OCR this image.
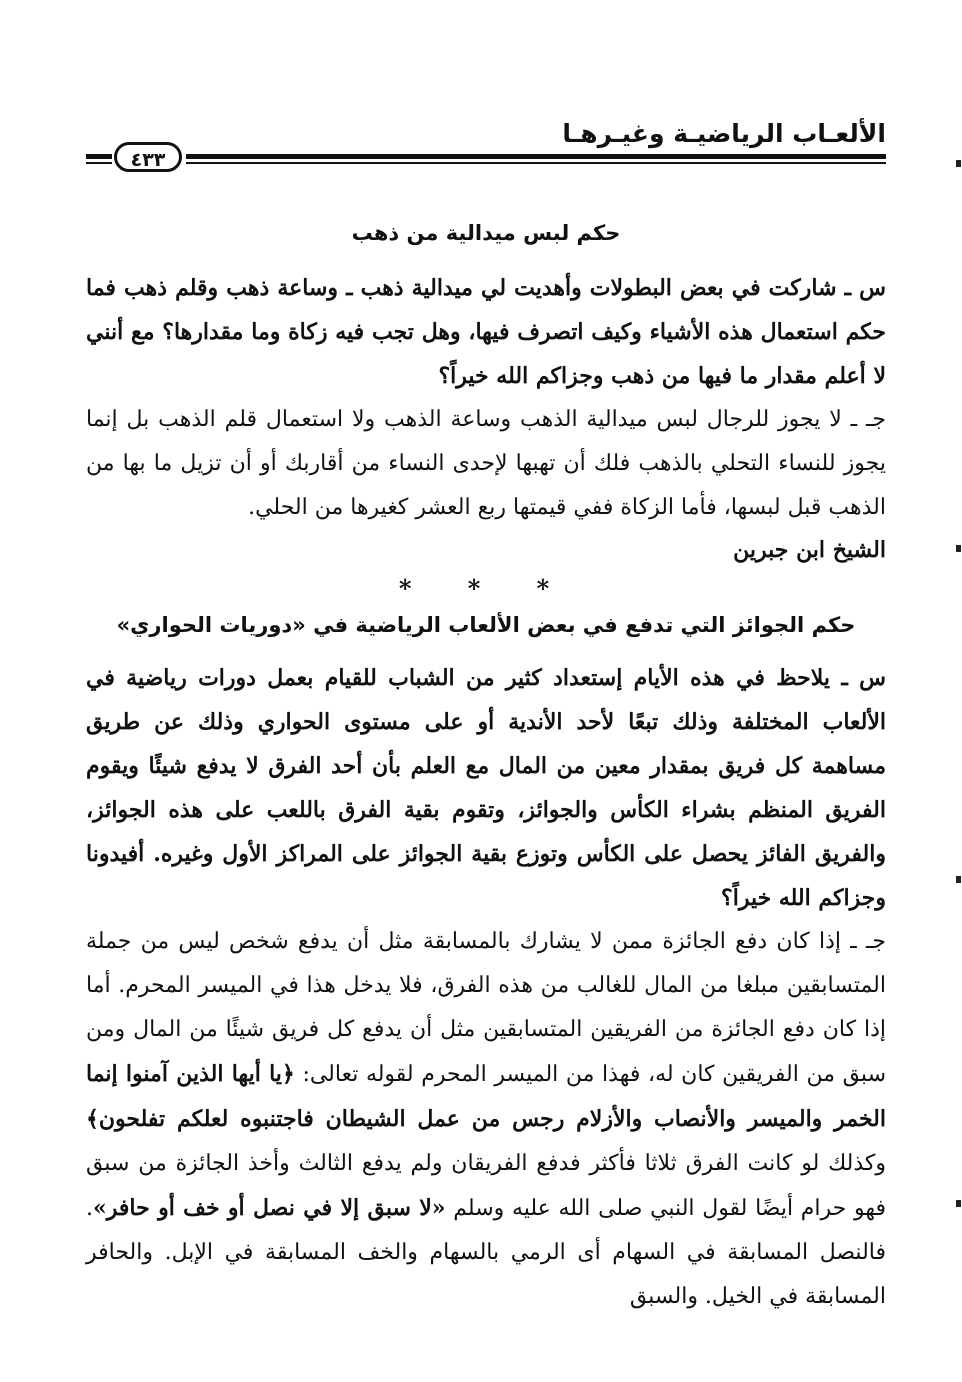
الألعـاب الرياضيـة وغيـرهـا
٤٣٣
حكم لبس ميدالية من ذهب

س ـ شاركت في بعض البطولات وأهديت لي ميدالية ذهب ـ وساعة ذهب وقلم ذهب فما حكم استعمال هذه الأشياء وكيف اتصرف فيها، وهل تجب فيه زكاة وما مقدارها؟ مع أنني لا أعلم مقدار ما فيها من ذهب وجزاكم الله خيراً؟

جـ ـ لا يجوز للرجال لبس ميدالية الذهب وساعة الذهب ولا استعمال قلم الذهب بل إنما يجوز للنساء التحلي بالذهب فلك أن تهبها لإحدى النساء من أقاربك أو أن تزيل ما بها من الذهب قبل لبسها، فأما الزكاة ففي قيمتها ربع العشر كغيرها من الحلي.

الشيخ ابن جبرين
* * *
حكم الجوائز التي تدفع في بعض الألعاب الرياضية في «دوريات الحواري»

س ـ يلاحظ في هذه الأيام إستعداد كثير من الشباب للقيام بعمل دورات رياضية في الألعاب المختلفة وذلك تبعًا لأحد الأندية أو على مستوى الحواري وذلك عن طريق مساهمة كل فريق بمقدار معين من المال مع العلم بأن أحد الفرق لا يدفع شيئًا ويقوم الفريق المنظم بشراء الكأس والجوائز، وتقوم بقية الفرق باللعب على هذه الجوائز، والفريق الفائز يحصل على الكأس وتوزع بقية الجوائز على المراكز الأول وغيره. أفيدونا وجزاكم الله خيراً؟

جـ ـ إذا كان دفع الجائزة ممن لا يشارك بالمسابقة مثل أن يدفع شخص ليس من جملة المتسابقين مبلغا من المال للغالب من هذه الفرق، فلا يدخل هذا في الميسر المحرم. أما إذا كان دفع الجائزة من الفريقين المتسابقين مثل أن يدفع كل فريق شيئًا من المال ومن سبق من الفريقين كان له، فهذا من الميسر المحرم لقوله تعالى: ﴿يا أيها الذين آمنوا إنما الخمر والميسر والأنصاب والأزلام رجس من عمل الشيطان فاجتنبوه لعلكم تفلحون﴾ وكذلك لو كانت الفرق ثلاثا فأكثر فدفع الفريقان ولم يدفع الثالث وأخذ الجائزة من سبق فهو حرام أيضًا لقول النبي صلى الله عليه وسلم «لا سبق إلا في نصل أو خف أو حافر». فالنصل المسابقة في السهام أى الرمي بالسهام والخف المسابقة في الإبل. والحافر المسابقة في الخيل. والسبق
